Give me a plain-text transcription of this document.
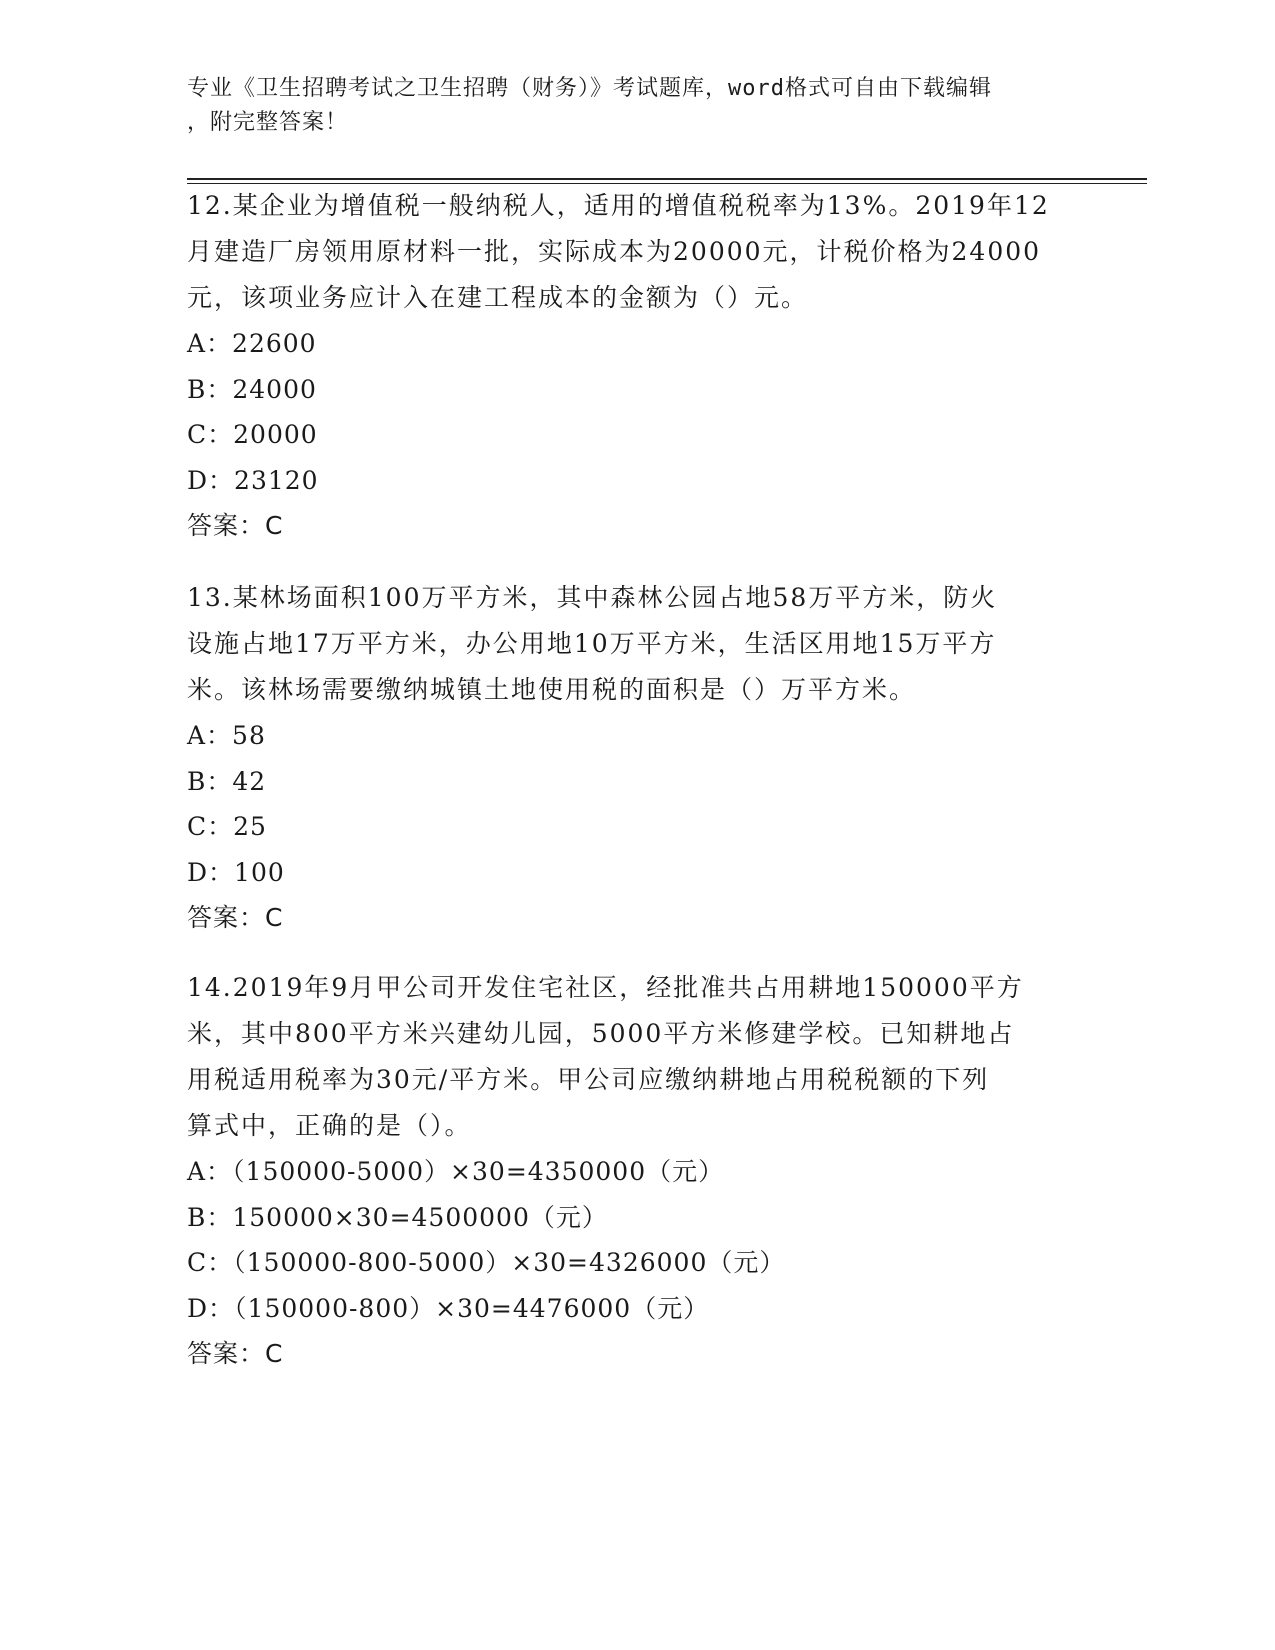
专业《卫生招聘考试之卫生招聘（财务）》考试题库，word格式可自由下载编辑
，附完整答案！
12.某企业为增值税一般纳税人，适用的增值税税率为13%。2019年12
月建造厂房领用原材料一批，实际成本为20000元，计税价格为24000
元，该项业务应计入在建工程成本的金额为（）元。
A：22600
B：24000
C：20000
D：23120
答案：C
13.某林场面积100万平方米，其中森林公园占地58万平方米，防火
设施占地17万平方米，办公用地10万平方米，生活区用地15万平方
米。该林场需要缴纳城镇土地使用税的面积是（）万平方米。
A：58
B：42
C：25
D：100
答案：C
14.2019年9月甲公司开发住宅社区，经批准共占用耕地150000平方
米，其中800平方米兴建幼儿园，5000平方米修建学校。已知耕地占
用税适用税率为30元/平方米。甲公司应缴纳耕地占用税税额的下列
算式中，正确的是（）。
A：（150000-5000）×30=4350000（元）
B：150000×30=4500000（元）
C：（150000-800-5000）×30=4326000（元）
D：（150000-800）×30=4476000（元）
答案：C
